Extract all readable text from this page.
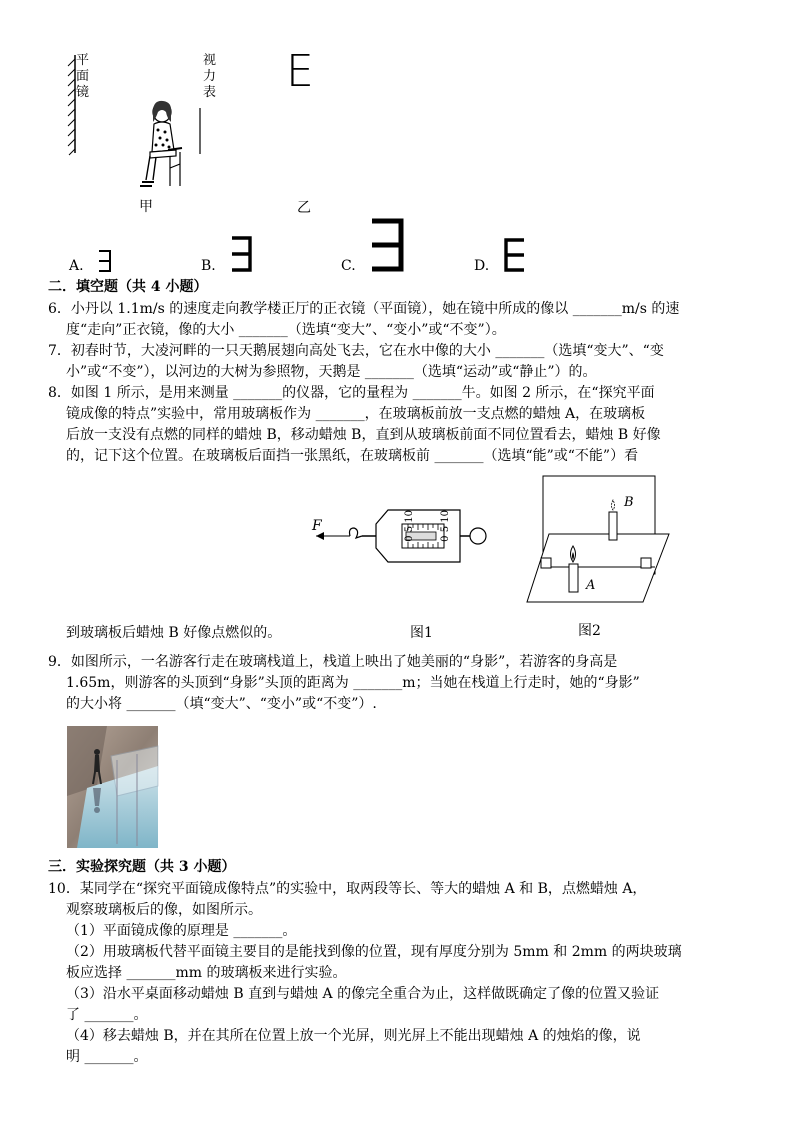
平面镜
视力表 E
甲	乙
A.	B.	C.	D.
二．填空题（共 4 小题）
6．小丹以 1.1m/s 的速度走向教学楼正厅的正衣镜（平面镜），她在镜中所成的像以 _______m/s 的速
度“走向”正衣镜，像的大小 _______（选填“变大”、“变小”或“不变”）。
7．初春时节，大凌河畔的一只天鹅展翅向高处飞去，它在水中像的大小 _______（选填“变大”、“变
小”或“不变”），以河边的大树为参照物，天鹅是 _______（选填“运动”或“静止”）的。
8．如图 1 所示，是用来测量 _______的仪器，它的量程为 _______牛。如图 2 所示，在“探究平面
镜成像的特点”实验中，常用玻璃板作为 _______，在玻璃板前放一支点燃的蜡烛 A，在玻璃板
后放一支没有点燃的同样的蜡烛 B，移动蜡烛 B，直到从玻璃板前面不同位置看去，蜡烛 B 好像
的，记下这个位置。在玻璃板后面挡一张黑纸，在玻璃板前 _______（选填“能”或“不能”）看
F	0 5 10	0 5 10
B
A
到玻璃板后蜡烛 B 好像点燃似的。	图1	图2
9．如图所示，一名游客行走在玻璃栈道上，栈道上映出了她美丽的“身影”，若游客的身高是
1.65m，则游客的头顶到“身影”头顶的距离为 _______m；当她在栈道上行走时，她的“身影”
的大小将 _______（填“变大”、“变小”或“不变”）.
三．实验探究题（共 3 小题）
10．某同学在“探究平面镜成像特点”的实验中，取两段等长、等大的蜡烛 A 和 B，点燃蜡烛 A，
观察玻璃板后的像，如图所示。
（1）平面镜成像的原理是 _______。
（2）用玻璃板代替平面镜主要目的是能找到像的位置，现有厚度分别为 5mm 和 2mm 的两块玻璃
板应选择 _______mm 的玻璃板来进行实验。
（3）沿水平桌面移动蜡烛 B 直到与蜡烛 A 的像完全重合为止，这样做既确定了像的位置又验证
了 _______。
（4）移去蜡烛 B，并在其所在位置上放一个光屏，则光屏上不能出现蜡烛 A 的烛焰的像，说
明 _______。
